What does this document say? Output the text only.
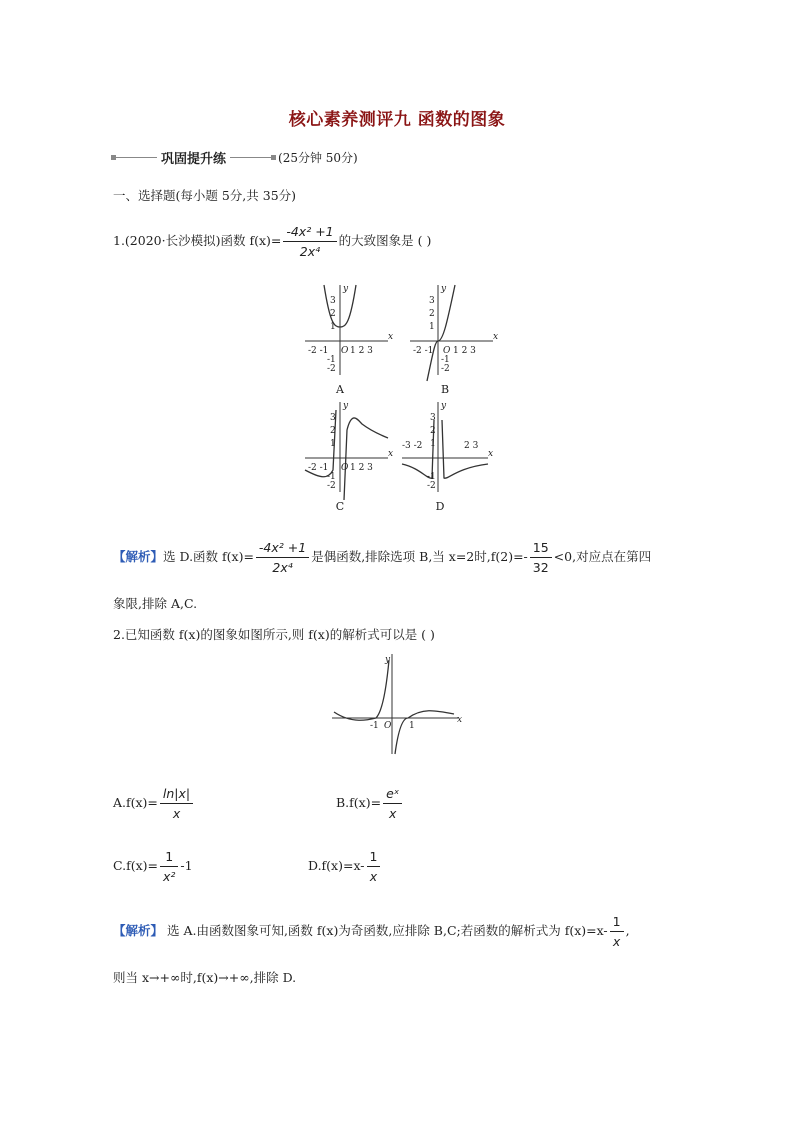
核心素养测评九 函数的图象
巩固提升练	(25分钟 50分)
一、选择题(每小题 5分,共 35分)
1.(2020·长沙模拟)函数 $f(x)= \frac{\text{-4x² +1}}{\text{2x⁴}}$ 的大致图象是 ( )
x
y
-2 -1 O 1 2 3
3
2
1
-1
-2
A
x
y
-2 -1 O 1 2 3
3
2
1
-1
-2
B
x
y
-2 -1 O 1 2 3
3
2
1
-1
-2
C
x
y
-3 -2	2 3
3
2
1
-1
-2
D
【解析】选 D.函数 $f(x)= \frac{\text{-4x² +1}}{\text{2x⁴}}$ 是偶函数,排除选项 B,当 x=2时$,f(2)=- \frac{15}{32} <0$,对应点在第四
象限,排除 A,C.
2.已知函数 f(x)的图象如图所示,则 f(x)的解析式可以是 ( )
x
y
-1 O 1
$A.f(x)= \frac{\ln|x|}{x}$	$B.f(x)= \frac{\text{eˣ}}{x}$
$C.f(x)= \frac{1}{\text{x²}} -1$	$D.f(x)=x- \frac{1}{x}$
【解析】 选 A.由函数图象可知,函数 f(x)为奇函数,应排除 B,C;若函数的解析式为 $f(x)=x- \frac{1}{x}$ ,
则当 x→+∞时,f(x)→+∞,排除 D.
